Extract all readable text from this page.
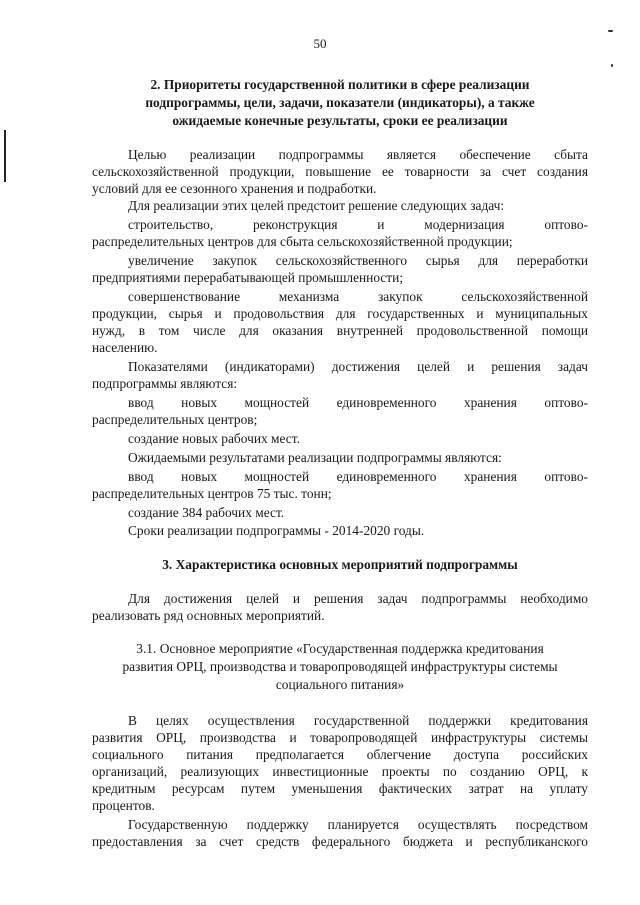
50
2. Приоритеты государственной политики в сфере реализации
подпрограммы, цели, задачи, показатели (индикаторы), а также
ожидаемые конечные результаты, сроки ее реализации
Целью реализации подпрограммы является обеспечение сбыта
сельскохозяйственной продукции, повышение ее товарности за счет создания
условий для ее сезонного хранения и подработки.
Для реализации этих целей предстоит решение следующих задач:
строительство, реконструкция и модернизация оптово-
распределительных центров для сбыта сельскохозяйственной продукции;
увеличение закупок сельскохозяйственного сырья для переработки
предприятиями перерабатывающей промышленности;
совершенствование механизма закупок сельскохозяйственной
продукции, сырья и продовольствия для государственных и муниципальных
нужд, в том числе для оказания внутренней продовольственной помощи
населению.
Показателями (индикаторами) достижения целей и решения задач
подпрограммы являются:
ввод новых мощностей единовременного хранения оптово-
распределительных центров;
создание новых рабочих мест.
Ожидаемыми результатами реализации подпрограммы являются:
ввод новых мощностей единовременного хранения оптово-
распределительных центров 75 тыс. тонн;
создание 384 рабочих мест.
Сроки реализации подпрограммы - 2014-2020 годы.
3. Характеристика основных мероприятий подпрограммы
Для достижения целей и решения задач подпрограммы необходимо
реализовать ряд основных мероприятий.
3.1. Основное мероприятие «Государственная поддержка кредитования
развития ОРЦ, производства и товаропроводящей инфраструктуры системы
социального питания»
В целях осуществления государственной поддержки кредитования
развития ОРЦ, производства и товаропроводящей инфраструктуры системы
социального питания предполагается облегчение доступа российских
организаций, реализующих инвестиционные проекты по созданию ОРЦ, к
кредитным ресурсам путем уменьшения фактических затрат на уплату
процентов.
Государственную поддержку планируется осуществлять посредством
предоставления за счет средств федерального бюджета и республиканского
